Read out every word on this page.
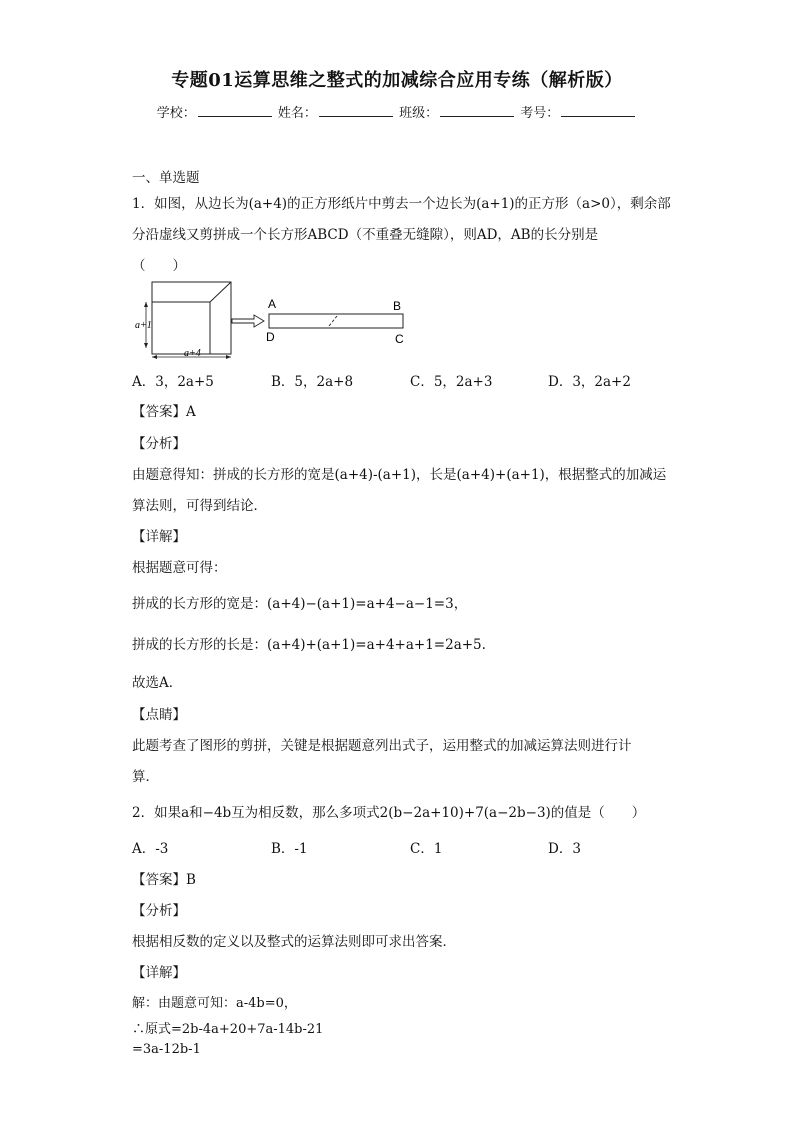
专题01运算思维之整式的加减综合应用专练（解析版）
学校：	姓名：	班级：	考号：
一、单选题
1．如图，从边长为(a+4)的正方形纸片中剪去一个边长为(a+1)的正方形（a>0），剩余部
分沿虚线又剪拼成一个长方形ABCD（不重叠无缝隙），则AD，AB的长分别是
（　　）
a+1
a+4
A	B
C
D
A．3，2a+5	B．5，2a+8	C．5，2a+3	D．3，2a+2
【答案】A
【分析】
由题意得知：拼成的长方形的宽是(a+4)-(a+1)，长是(a+4)+(a+1)，根据整式的加减运
算法则，可得到结论．
【详解】
根据题意可得：
拼成的长方形的宽是：(a+4)−(a+1)=a+4−a−1=3，
拼成的长方形的长是：(a+4)+(a+1)=a+4+a+1=2a+5.
故选A．
【点睛】
此题考查了图形的剪拼，关键是根据题意列出式子，运用整式的加减运算法则进行计
算．
2．如果a和−4b互为相反数，那么多项式2(b−2a+10)+7(a−2b−3)的值是（　　）
A．-3	B．-1	C．1	D．3
【答案】B
【分析】
根据相反数的定义以及整式的运算法则即可求出答案．
【详解】
解：由题意可知：a-4b=0，
∴原式=2b-4a+20+7a-14b-21
=3a-12b-1
